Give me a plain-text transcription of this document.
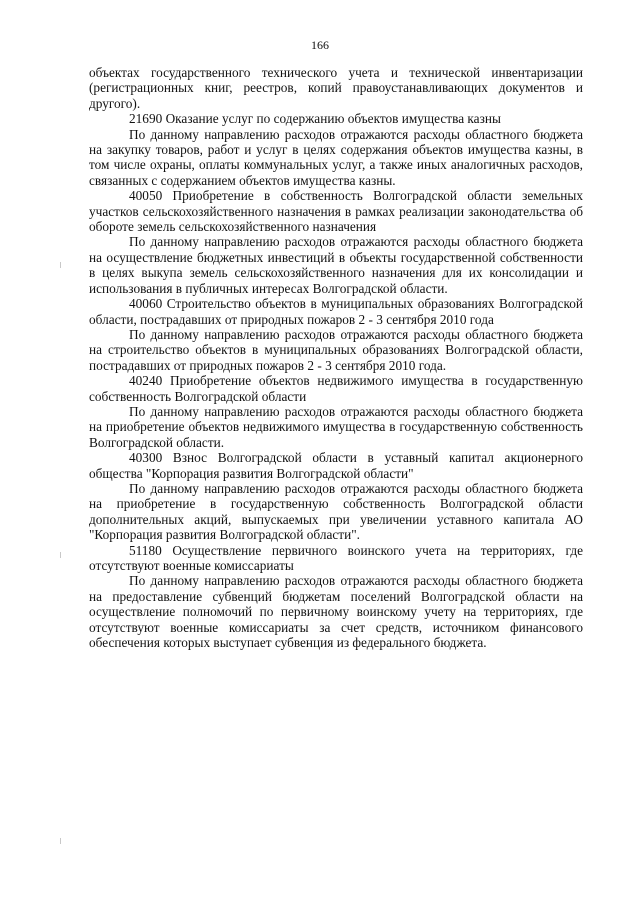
166

объектах государственного технического учета и технической инвентаризации (регистрационных книг, реестров, копий правоустанавливающих документов и другого).

21690 Оказание услуг по содержанию объектов имущества казны

По данному направлению расходов отражаются расходы областного бюджета на закупку товаров, работ и услуг в целях содержания объектов имущества казны, в том числе охраны, оплаты коммунальных услуг, а также иных аналогичных расходов, связанных с содержанием объектов имущества казны.

40050 Приобретение в собственность Волгоградской области земельных участков сельскохозяйственного назначения в рамках реализации законодательства об обороте земель сельскохозяйственного назначения

По данному направлению расходов отражаются расходы областного бюджета на осуществление бюджетных инвестиций в объекты государственной собственности в целях выкупа земель сельскохозяйственного назначения для их консолидации и использования в публичных интересах Волгоградской области.

40060 Строительство объектов в муниципальных образованиях Волгоградской области, пострадавших от природных пожаров 2 - 3 сентября 2010 года

По данному направлению расходов отражаются расходы областного бюджета на строительство объектов в муниципальных образованиях Волгоградской области, пострадавших от природных пожаров 2 - 3 сентября 2010 года.

40240 Приобретение объектов недвижимого имущества в государственную собственность Волгоградской области

По данному направлению расходов отражаются расходы областного бюджета на приобретение объектов недвижимого имущества в государственную собственность Волгоградской области.

40300 Взнос Волгоградской области в уставный капитал акционерного общества "Корпорация развития Волгоградской области"

По данному направлению расходов отражаются расходы областного бюджета на приобретение в государственную собственность Волгоградской области дополнительных акций, выпускаемых при увеличении уставного капитала АО "Корпорация развития Волгоградской области".

51180 Осуществление первичного воинского учета на территориях, где отсутствуют военные комиссариаты

По данному направлению расходов отражаются расходы областного бюджета на предоставление субвенций бюджетам поселений Волгоградской области на осуществление полномочий по первичному воинскому учету на территориях, где отсутствуют военные комиссариаты за счет средств, источником финансового обеспечения которых выступает субвенция из федерального бюджета.
